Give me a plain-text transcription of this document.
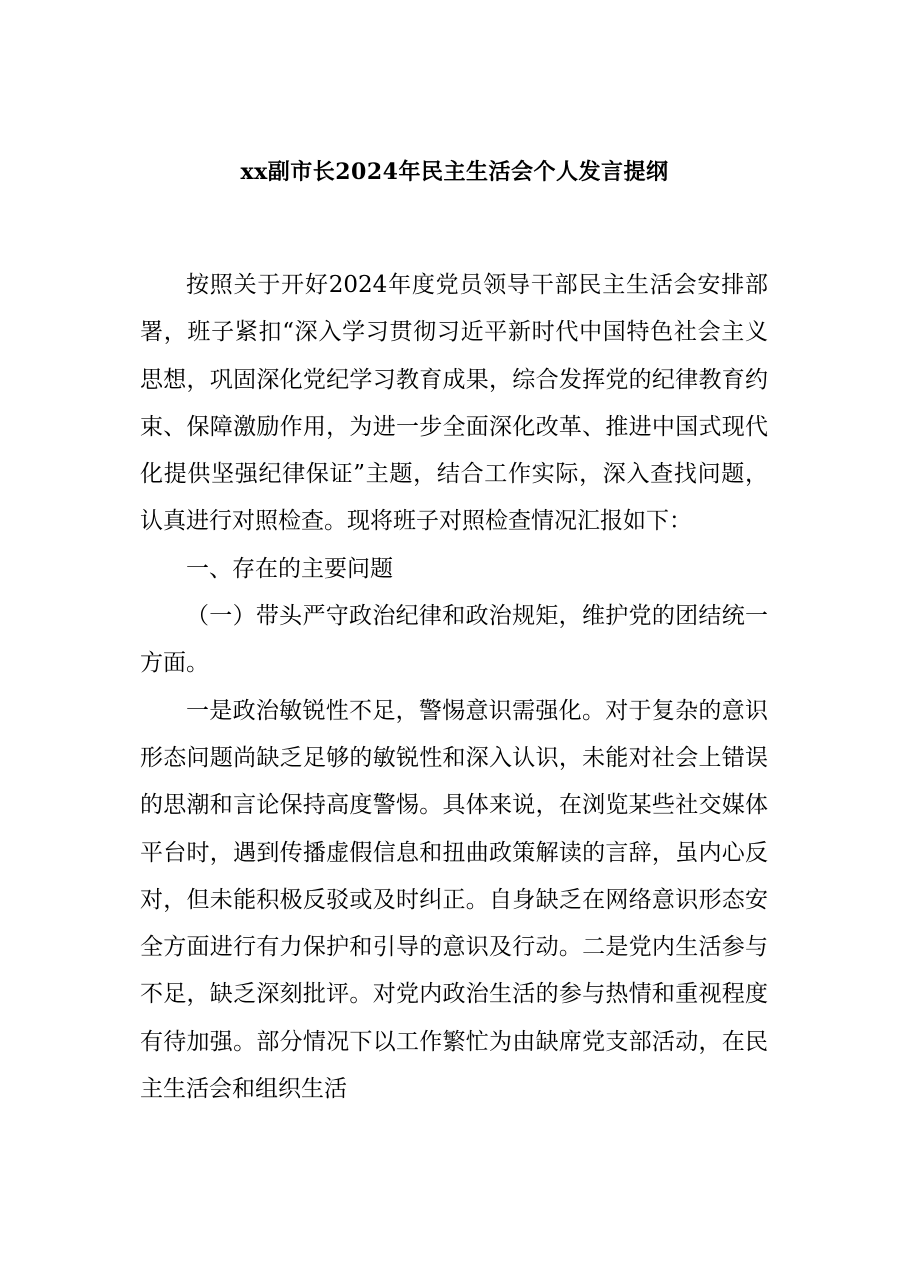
xx副市长2024年民主生活会个人发言提纲

按照关于开好2024年度党员领导干部民主生活会安排部署，班子紧扣“深入学习贯彻习近平新时代中国特色社会主义思想，巩固深化党纪学习教育成果，综合发挥党的纪律教育约束、保障激励作用，为进一步全面深化改革、推进中国式现代化提供坚强纪律保证”主题，结合工作实际，深入查找问题，认真进行对照检查。现将班子对照检查情况汇报如下：

一、存在的主要问题

（一）带头严守政治纪律和政治规矩，维护党的团结统一方面。

一是政治敏锐性不足，警惕意识需强化。对于复杂的意识形态问题尚缺乏足够的敏锐性和深入认识，未能对社会上错误的思潮和言论保持高度警惕。具体来说，在浏览某些社交媒体平台时，遇到传播虚假信息和扭曲政策解读的言辞，虽内心反对，但未能积极反驳或及时纠正。自身缺乏在网络意识形态安全方面进行有力保护和引导的意识及行动。二是党内生活参与不足，缺乏深刻批评。对党内政治生活的参与热情和重视程度有待加强。部分情况下以工作繁忙为由缺席党支部活动，在民主生活会和组织生活
